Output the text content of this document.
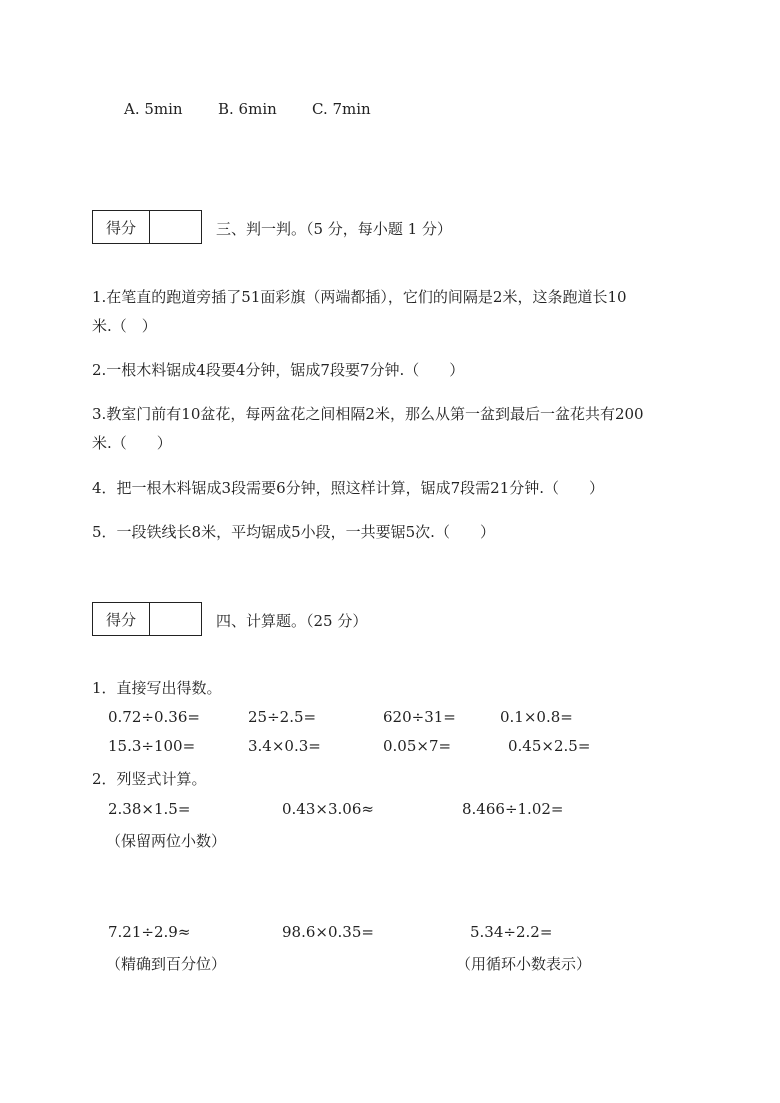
A. 5min B. 6min C. 7min
得分	三、判一判。（5 分，每小题 1 分）
1.在笔直的跑道旁插了51面彩旗（两端都插），它们的间隔是2米，这条跑道长10
米.（　）
2.一根木料锯成4段要4分钟，锯成7段要7分钟.（　　）
3.教室门前有10盆花，每两盆花之间相隔2米，那么从第一盆到最后一盆花共有200
米.（　　）
4．把一根木料锯成3段需要6分钟，照这样计算，锯成7段需21分钟.（　　）
5．一段铁线长8米，平均锯成5小段，一共要锯5次.（　　）
得分	四、计算题。（25 分）
1．直接写出得数。
0.72÷0.36=	25÷2.5=	620÷31=	0.1×0.8=
15.3÷100=	3.4×0.3=	0.05×7=	0.45×2.5=
2．列竖式计算。
2.38×1.5=	0.43×3.06≈	8.466÷1.02=
（保留两位小数）
7.21÷2.9≈	98.6×0.35=	5.34÷2.2=
（精确到百分位）	（用循环小数表示）
